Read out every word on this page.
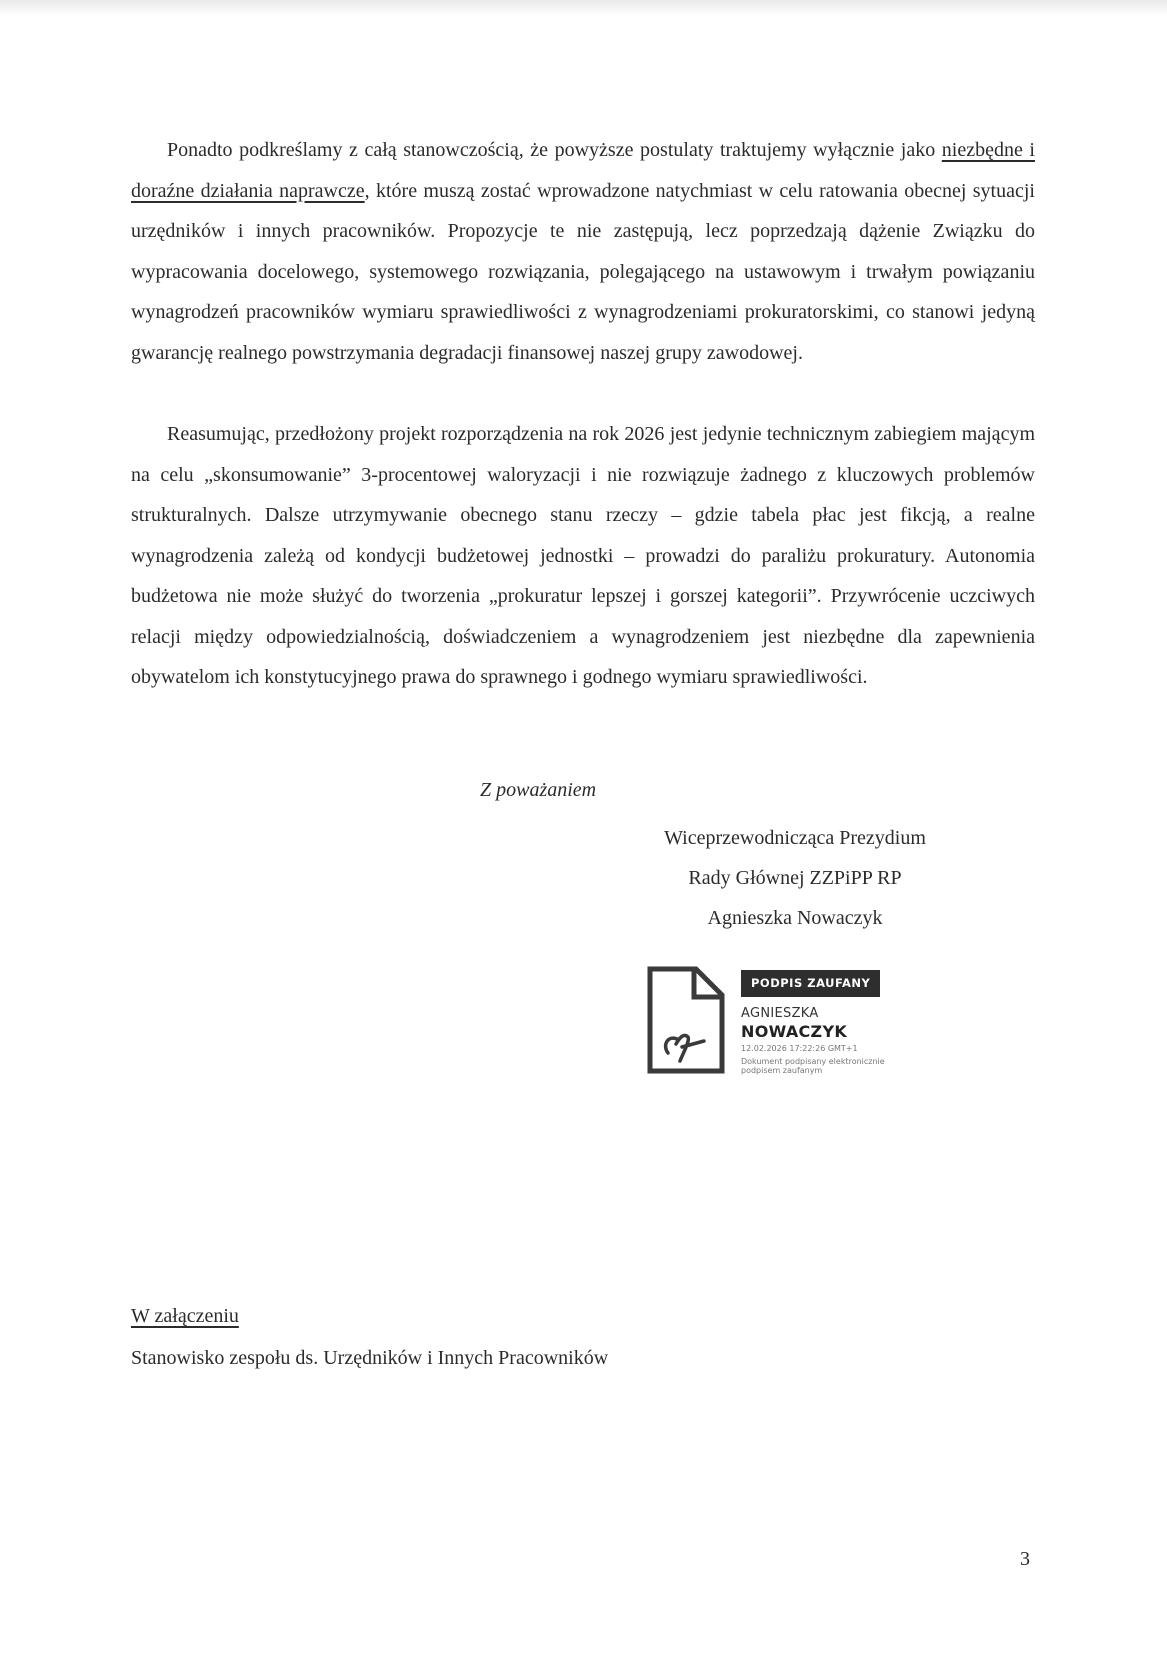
Ponadto podkreślamy z całą stanowczością, że powyższe postulaty traktujemy wyłącznie jako niezbędne i doraźne działania naprawcze, które muszą zostać wprowadzone natychmiast w celu ratowania obecnej sytuacji urzędników i innych pracowników. Propozycje te nie zastępują, lecz poprzedzają dążenie Związku do wypracowania docelowego, systemowego rozwiązania, polegającego na ustawowym i trwałym powiązaniu wynagrodzeń pracowników wymiaru sprawiedliwości z wynagrodzeniami prokuratorskimi, co stanowi jedyną gwarancję realnego powstrzymania degradacji finansowej naszej grupy zawodowej.

Reasumując, przedłożony projekt rozporządzenia na rok 2026 jest jedynie technicznym zabiegiem mającym na celu „skonsumowanie” 3-procentowej waloryzacji i nie rozwiązuje żadnego z kluczowych problemów strukturalnych. Dalsze utrzymywanie obecnego stanu rzeczy – gdzie tabela płac jest fikcją, a realne wynagrodzenia zależą od kondycji budżetowej jednostki – prowadzi do paraliżu prokuratury. Autonomia budżetowa nie może służyć do tworzenia „prokuratur lepszej i gorszej kategorii”. Przywrócenie uczciwych relacji między odpowiedzialnością, doświadczeniem a wynagrodzeniem jest niezbędne dla zapewnienia obywatelom ich konstytucyjnego prawa do sprawnego i godnego wymiaru sprawiedliwości.

Z poważaniem
Wiceprzewodnicząca Prezydium
Rady Głównej ZZPiPP RP
Agnieszka Nowaczyk
PODPIS ZAUFANY
AGNIESZKA
NOWACZYK
12.02.2026 17:22:26 GMT+1
Dokument podpisany elektronicznie podpisem zaufanym
W załączeniu
Stanowisko zespołu ds. Urzędników i Innych Pracowników
3
